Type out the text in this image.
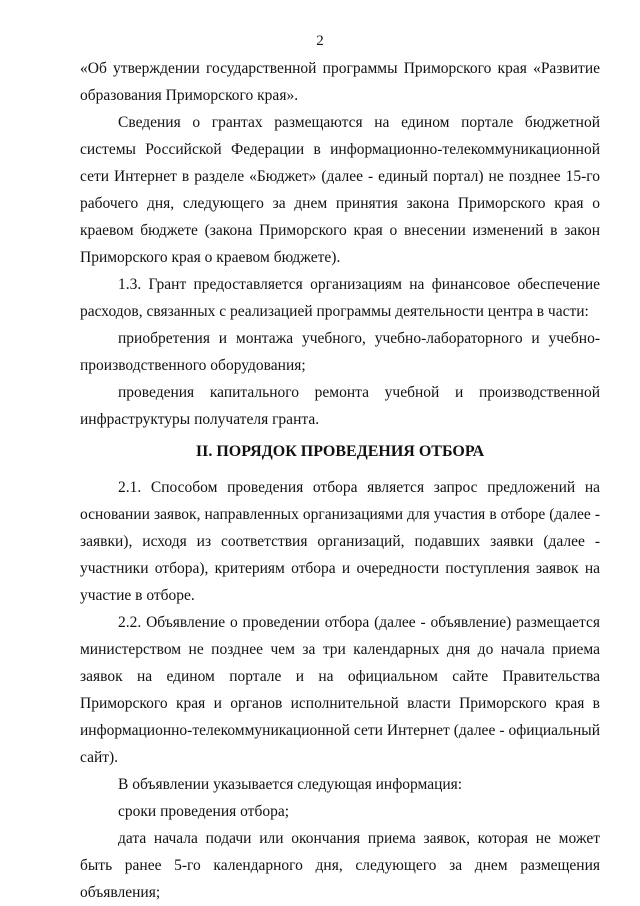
2

«Об утверждении государственной программы Приморского края «Развитие образования Приморского края».

Сведения о грантах размещаются на едином портале бюджетной системы Российской Федерации в информационно-телекоммуникационной сети Интернет в разделе «Бюджет» (далее - единый портал) не позднее 15-го рабочего дня, следующего за днем принятия закона Приморского края о краевом бюджете (закона Приморского края о внесении изменений в закон Приморского края о краевом бюджете).

1.3. Грант предоставляется организациям на финансовое обеспечение расходов, связанных с реализацией программы деятельности центра в части:

приобретения и монтажа учебного, учебно-лабораторного и учебно-производственного оборудования;

проведения капитального ремонта учебной и производственной инфраструктуры получателя гранта.

II. ПОРЯДОК ПРОВЕДЕНИЯ ОТБОРА

2.1. Способом проведения отбора является запрос предложений на основании заявок, направленных организациями для участия в отборе (далее - заявки), исходя из соответствия организаций, подавших заявки (далее - участники отбора), критериям отбора и очередности поступления заявок на участие в отборе.

2.2. Объявление о проведении отбора (далее - объявление) размещается министерством не позднее чем за три календарных дня до начала приема заявок на едином портале и на официальном сайте Правительства Приморского края и органов исполнительной власти Приморского края в информационно-телекоммуникационной сети Интернет (далее - официальный сайт).

В объявлении указывается следующая информация:

сроки проведения отбора;

дата начала подачи или окончания приема заявок, которая не может быть ранее 5-го календарного дня, следующего за днем размещения объявления;
